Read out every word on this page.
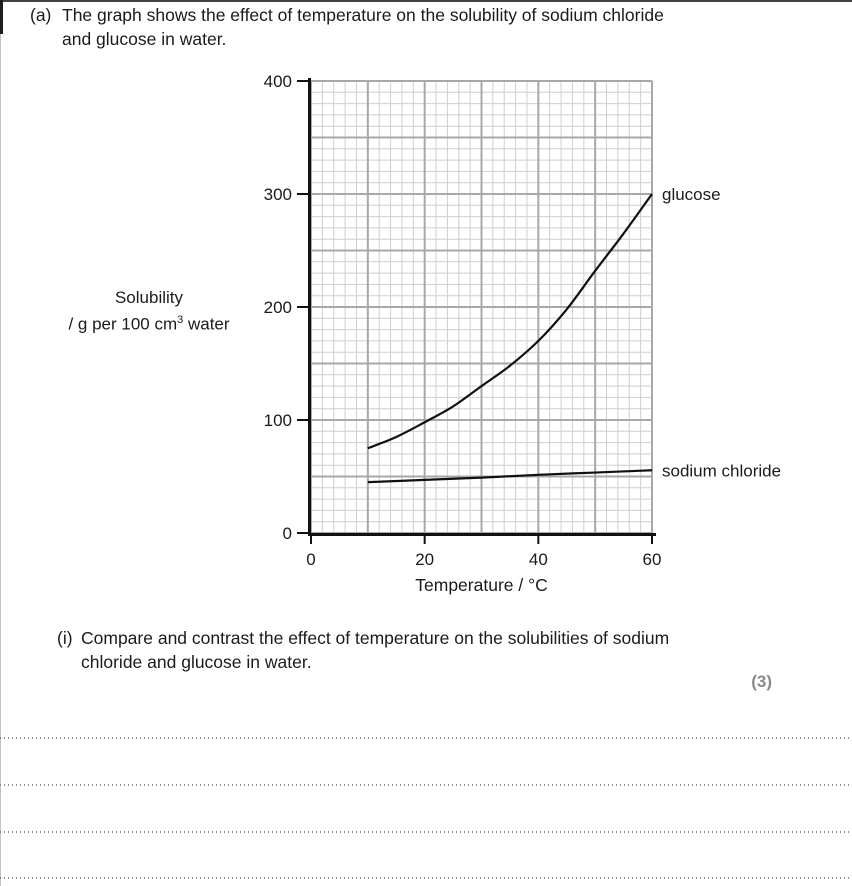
(a) The graph shows the effect of temperature on the solubility of sodium chloride
and glucose in water.
Solubility
/ g per 100 $cm^3$ water
0
100
200
300
400
0	20	40	60
glucose
sodium chloride
Temperature / °C
(i) Compare and contrast the effect of temperature on the solubilities of sodium
chloride and glucose in water.
(3)
